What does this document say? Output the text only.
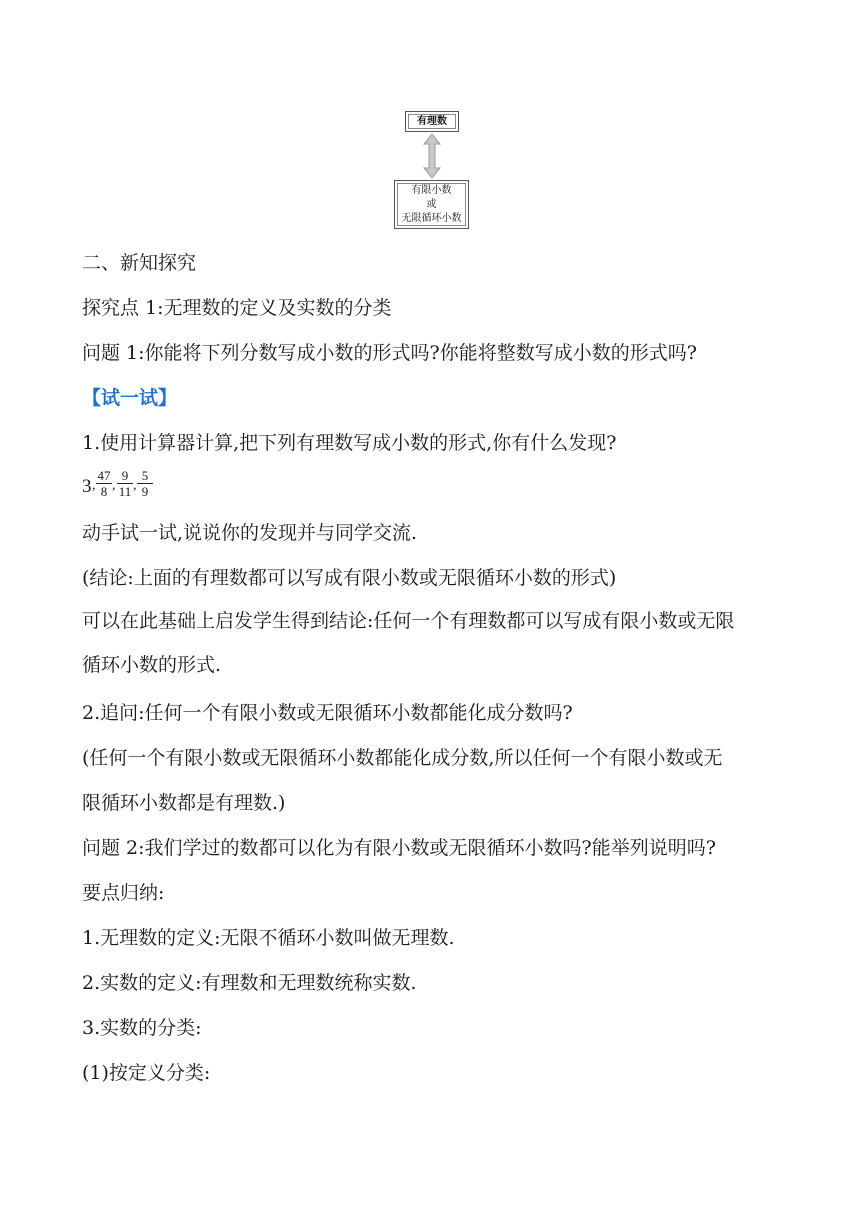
有理数
有限小数
或
无限循环小数
二、新知探究
探究点 1:无理数的定义及实数的分类
问题 1:你能将下列分数写成小数的形式吗?你能将整数写成小数的形式吗?
【试一试】
1.使用计算器计算,把下列有理数写成小数的形式,你有什么发现?
3 , $\frac{47}{8}$ , $\frac{9}{11}$ , $\frac{5}{9}$
动手试一试,说说你的发现并与同学交流.
(结论:上面的有理数都可以写成有限小数或无限循环小数的形式)
可以在此基础上启发学生得到结论:任何一个有理数都可以写成有限小数或无限
循环小数的形式.
2.追问:任何一个有限小数或无限循环小数都能化成分数吗?
(任何一个有限小数或无限循环小数都能化成分数,所以任何一个有限小数或无
限循环小数都是有理数.)
问题 2:我们学过的数都可以化为有限小数或无限循环小数吗?能举列说明吗?
要点归纳:
1.无理数的定义:无限不循环小数叫做无理数.
2.实数的定义:有理数和无理数统称实数.
3.实数的分类:
(1)按定义分类:
